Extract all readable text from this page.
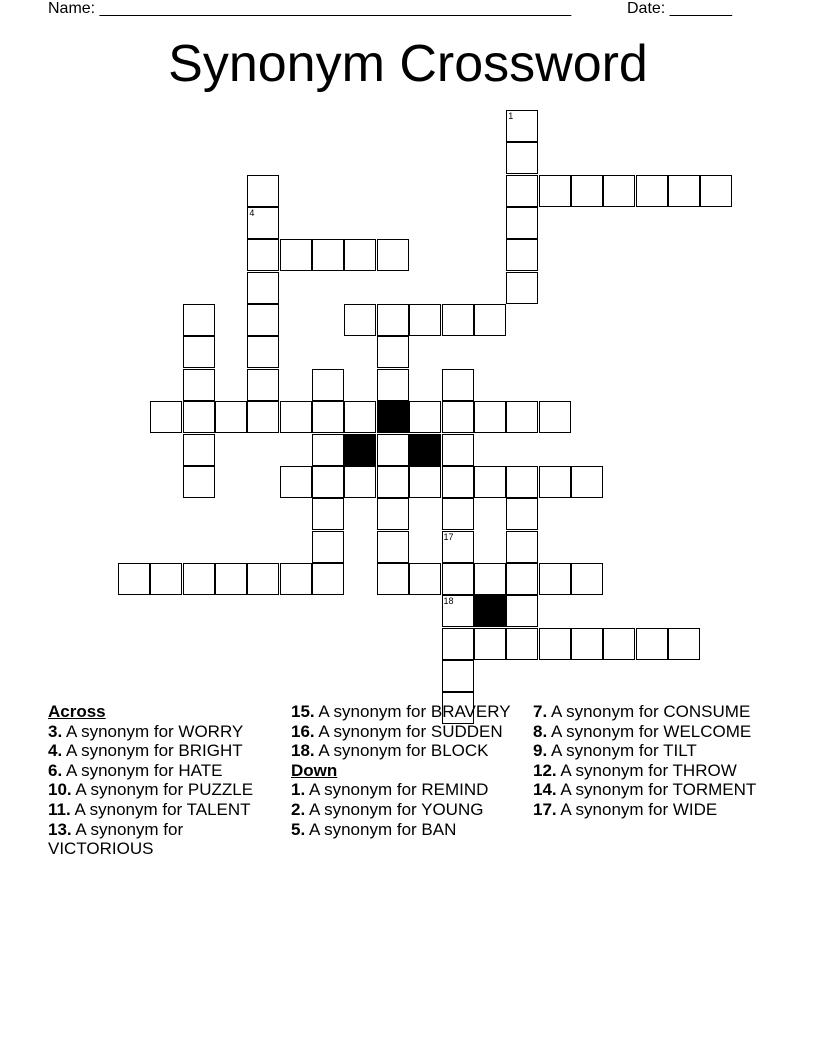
Name: _____________________________________________________	Date: _______
Synonym Crossword
4
1
12
17
18
Across
3. A synonym for WORRY
4. A synonym for BRIGHT
6. A synonym for HATE
10. A synonym for PUZZLE
11. A synonym for TALENT
13. A synonym for VICTORIOUS
15. A synonym for BRAVERY
16. A synonym for SUDDEN
18. A synonym for BLOCK
Down
1. A synonym for REMIND
2. A synonym for YOUNG
5. A synonym for BAN
7. A synonym for CONSUME
8. A synonym for WELCOME
9. A synonym for TILT
12. A synonym for THROW
14. A synonym for TORMENT
17. A synonym for WIDE
